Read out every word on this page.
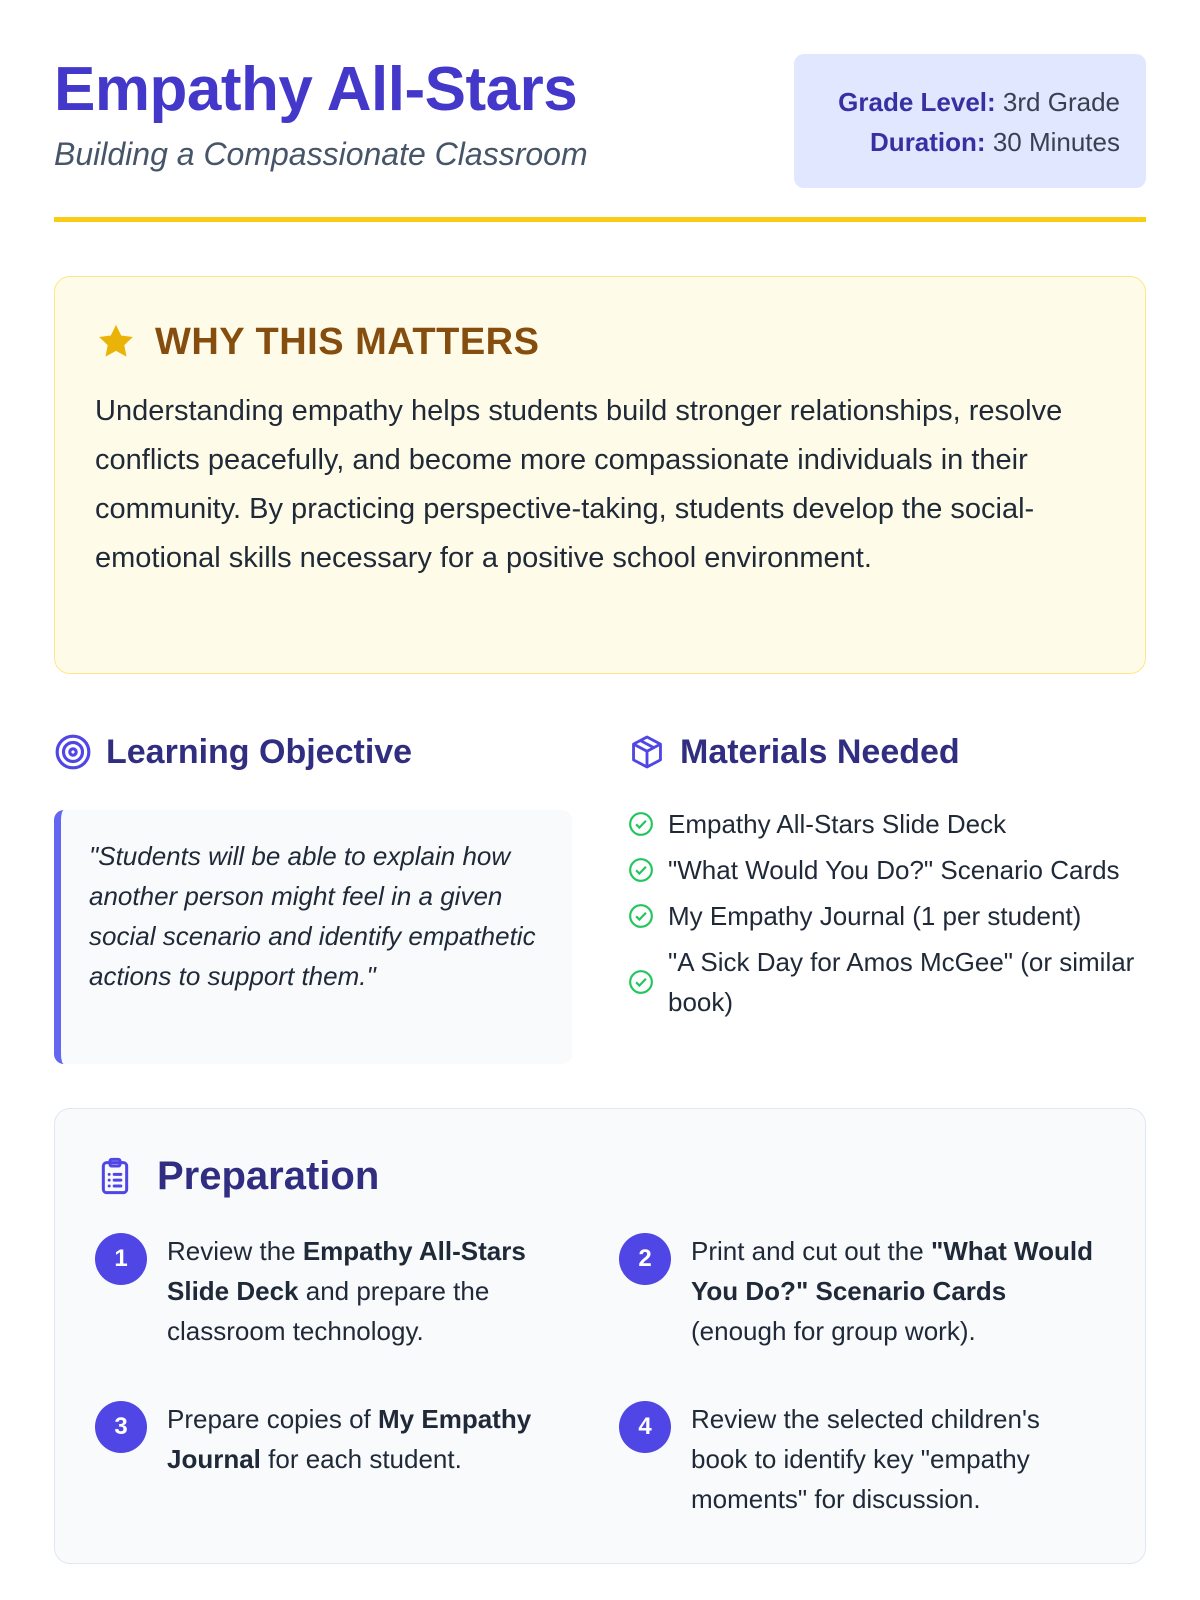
Empathy All-Stars
Building a Compassionate Classroom
Grade Level: 3rd Grade
Duration: 30 Minutes
WHY THIS MATTERS

Understanding empathy helps students build stronger relationships, resolve conflicts peacefully, and become more compassionate individuals in their community. By practicing perspective-taking, students develop the social-emotional skills necessary for a positive school environment.

Learning Objective
"Students will be able to explain how another person might feel in a given social scenario and identify empathetic actions to support them."
Materials Needed
Empathy All-Stars Slide Deck
"What Would You Do?" Scenario Cards
My Empathy Journal (1 per student)
"A Sick Day for Amos McGee" (or similar book)
Preparation
1	Review the Empathy All-Stars Slide Deck and prepare the classroom technology.
2	Print and cut out the "What Would You Do?" Scenario Cards (enough for group work).
3	Prepare copies of My Empathy Journal for each student.
4	Review the selected children's book to identify key "empathy moments" for discussion.
